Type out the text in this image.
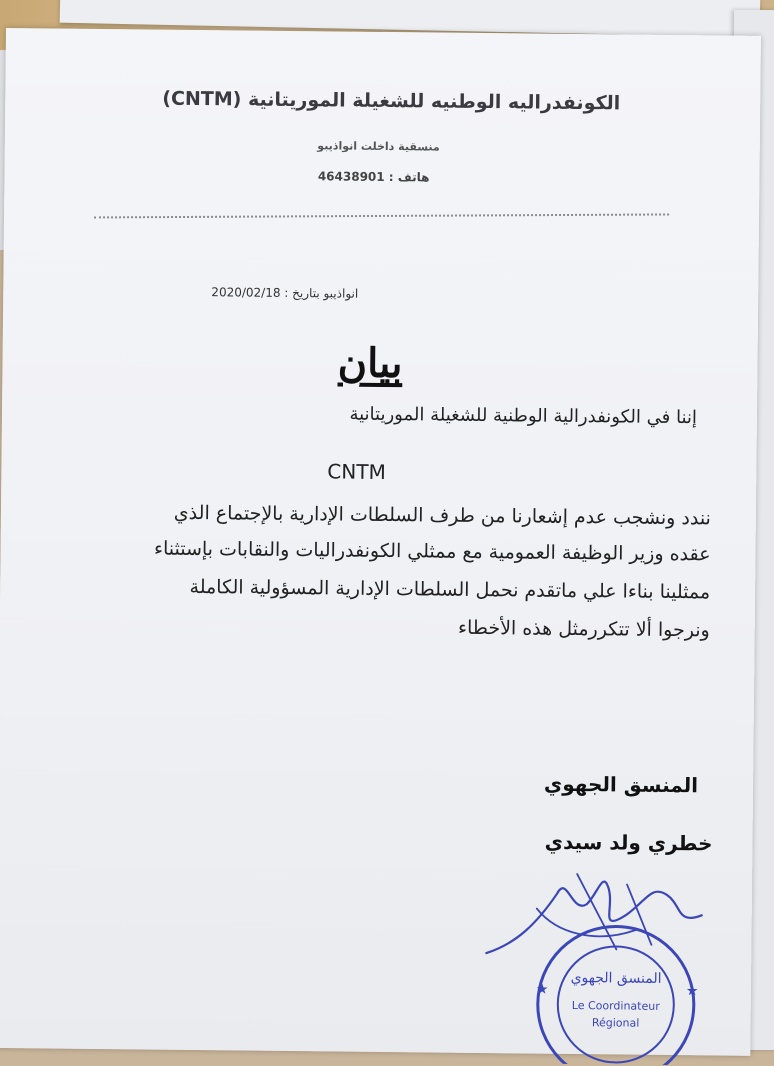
الكونفدراليه الوطنيه للشغيلة الموريتانية (CNTM)
منسقية داخلت انواذيبو
هاتف : 46438901
انواذيبو بتاريخ : 2020/02/18
بيان
إننا في الكونفدرالية الوطنية للشغيلة الموريتانية
CNTM
نندد ونشجب عدم إشعارنا من طرف السلطات الإدارية بالإجتماع الذي
عقده وزير الوظيفة العمومية مع ممثلي الكونفدراليات والنقابات بإستثناء
ممثلينا بناءا علي ماتقدم نحمل السلطات الإدارية المسؤولية الكاملة
ونرجوا ألا تتكررمثل هذه الأخطاء
المنسق الجهوي
خطري ولد سيدي
★	★
المنسق الجهوي
Le Coordinateur
Régional
